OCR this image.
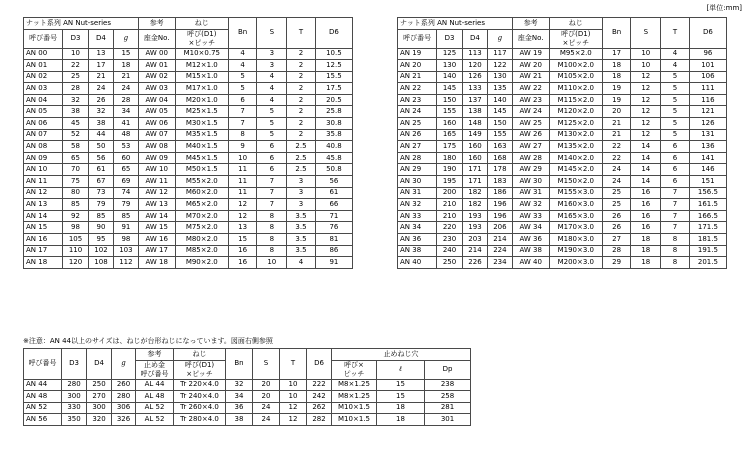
[単位:mm]
ナット系列 AN Nut-series				参考	ねじ	Bn	S	T	D6
呼び番号	D3	D4	g	座金No.	呼び(D1)
×ピッチ				
AN 00	10	13	15	AW 00	M10×0.75	4	3	2	10.5
AN 01	22	17	18	AW 01	M12×1.0	4	3	2	12.5
AN 02	25	21	21	AW 02	M15×1.0	5	4	2	15.5
AN 03	28	24	24	AW 03	M17×1.0	5	4	2	17.5
AN 04	32	26	28	AW 04	M20×1.0	6	4	2	20.5
AN 05	38	32	34	AW 05	M25×1.5	7	5	2	25.8
AN 06	45	38	41	AW 06	M30×1.5	7	5	2	30.8
AN 07	52	44	48	AW 07	M35×1.5	8	5	2	35.8
AN 08	58	50	53	AW 08	M40×1.5	9	6	2.5	40.8
AN 09	65	56	60	AW 09	M45×1.5	10	6	2.5	45.8
AN 10	70	61	65	AW 10	M50×1.5	11	6	2.5	50.8
AN 11	75	67	69	AW 11	M55×2.0	11	7	3	56
AN 12	80	73	74	AW 12	M60×2.0	11	7	3	61
AN 13	85	79	79	AW 13	M65×2.0	12	7	3	66
AN 14	92	85	85	AW 14	M70×2.0	12	8	3.5	71
AN 15	98	90	91	AW 15	M75×2.0	13	8	3.5	76
AN 16	105	95	98	AW 16	M80×2.0	15	8	3.5	81
AN 17	110	102	103	AW 17	M85×2.0	16	8	3.5	86
AN 18	120	108	112	AW 18	M90×2.0	16	10	4	91
ナット系列 AN Nut-series				参考	ねじ	Bn	S	T	D6
呼び番号	D3	D4	g	座金No.	呼び(D1)
×ピッチ				
AN 19	125	113	117	AW 19	M95×2.0	17	10	4	96
AN 20	130	120	122	AW 20	M100×2.0	18	10	4	101
AN 21	140	126	130	AW 21	M105×2.0	18	12	5	106
AN 22	145	133	135	AW 22	M110×2.0	19	12	5	111
AN 23	150	137	140	AW 23	M115×2.0	19	12	5	116
AN 24	155	138	145	AW 24	M120×2.0	20	12	5	121
AN 25	160	148	150	AW 25	M125×2.0	21	12	5	126
AN 26	165	149	155	AW 26	M130×2.0	21	12	5	131
AN 27	175	160	163	AW 27	M135×2.0	22	14	6	136
AN 28	180	160	168	AW 28	M140×2.0	22	14	6	141
AN 29	190	171	178	AW 29	M145×2.0	24	14	6	146
AN 30	195	171	183	AW 30	M150×2.0	24	14	6	151
AN 31	200	182	186	AW 31	M155×3.0	25	16	7	156.5
AN 32	210	182	196	AW 32	M160×3.0	25	16	7	161.5
AN 33	210	193	196	AW 33	M165×3.0	26	16	7	166.5
AN 34	220	193	206	AW 34	M170×3.0	26	16	7	171.5
AN 36	230	203	214	AW 36	M180×3.0	27	18	8	181.5
AN 38	240	214	224	AW 38	M190×3.0	28	18	8	191.5
AN 40	250	226	234	AW 40	M200×3.0	29	18	8	201.5
※注意：AN 44以上のサイズは、ねじが台形ねじになっています。図面右側参照
呼び番号	D3	D4	g	参考	ねじ	Bn	S	T	D6	止めねじ穴		
				止め金
呼び番号	呼び(D1)
×ピッチ					呼び×
ピッチ	ℓ	Dp
AN 44	280	250	260	AL 44	Tr 220×4.0	32	20	10	222	M8×1.25	15	238
AN 48	300	270	280	AL 48	Tr 240×4.0	34	20	10	242	M8×1.25	15	258
AN 52	330	300	306	AL 52	Tr 260×4.0	36	24	12	262	M10×1.5	18	281
AN 56	350	320	326	AL 52	Tr 280×4.0	38	24	12	282	M10×1.5	18	301
